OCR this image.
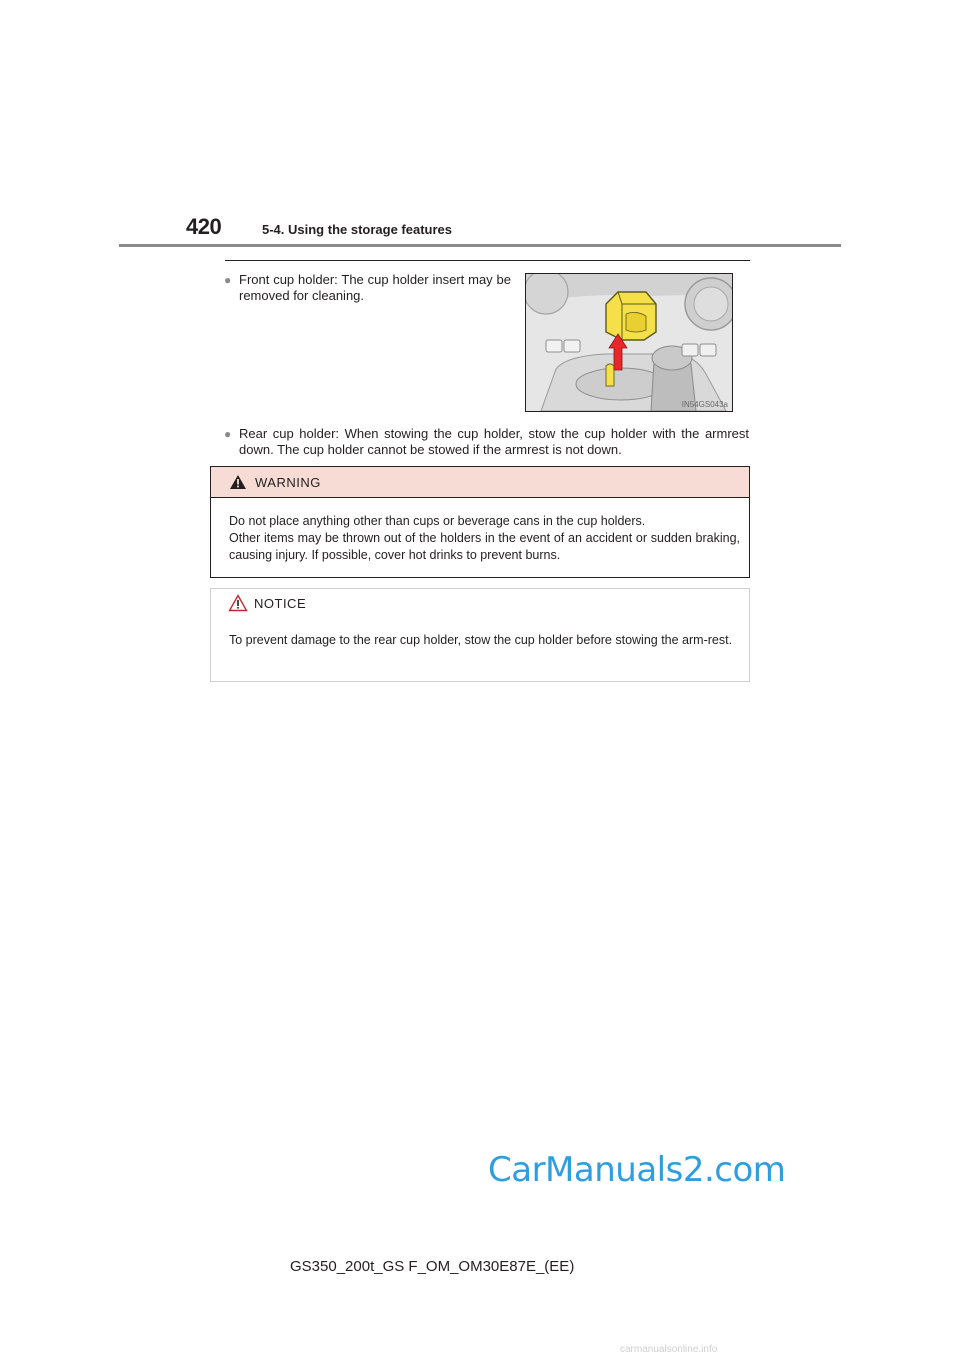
420	5-4. Using the storage features
● Front cup holder: The cup holder insert may be removed for cleaning.
IN54GS043a
● Rear cup holder: When stowing the cup holder, stow the cup holder with the armrest down. The cup holder cannot be stowed if the armrest is not down.
WARNING
Do not place anything other than cups or beverage cans in the cup holders.
Other items may be thrown out of the holders in the event of an accident or sudden braking, causing injury. If possible, cover hot drinks to prevent burns.
NOTICE
To prevent damage to the rear cup holder, stow the cup holder before stowing the arm-rest.
CarManuals2.com
GS350_200t_GS F_OM_OM30E87E_(EE)
carmanualsonline.info
